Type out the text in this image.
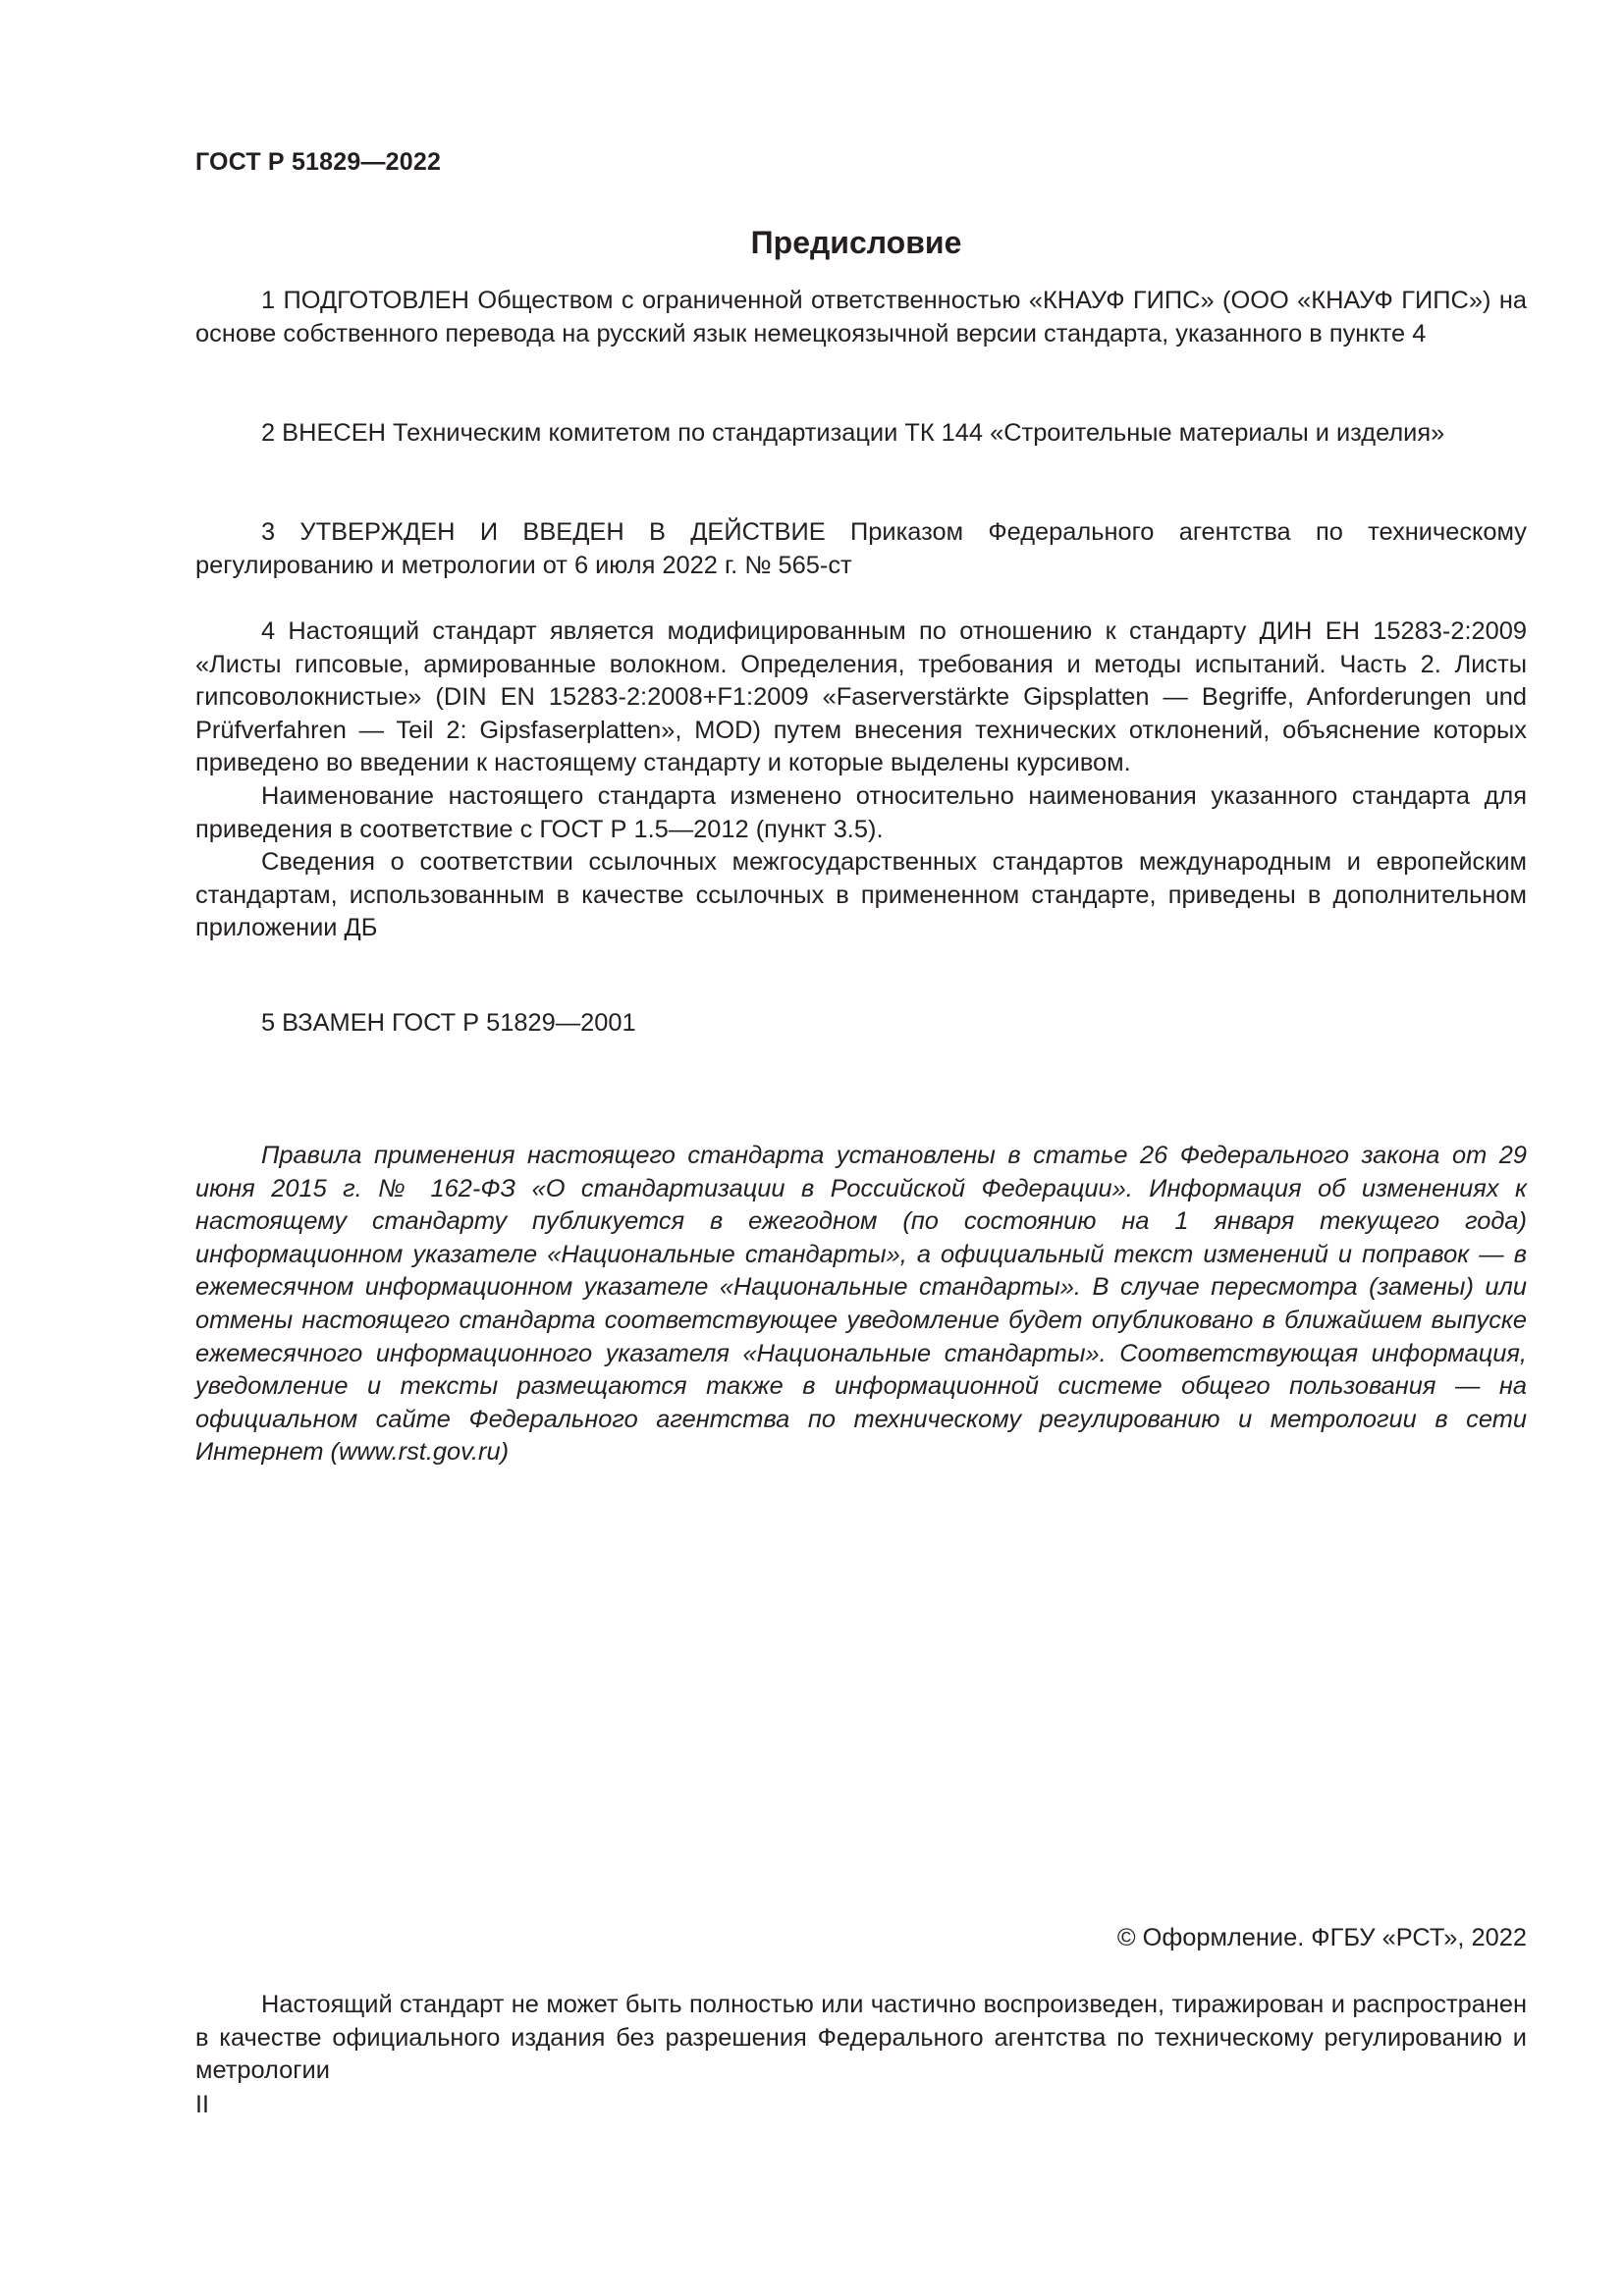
ГОСТ Р 51829—2022
Предисловие

1 ПОДГОТОВЛЕН Обществом с ограниченной ответственностью «КНАУФ ГИПС» (ООО «КНАУФ ГИПС») на основе собственного перевода на русский язык немецкоязычной версии стандарта, указанного в пункте 4

2 ВНЕСЕН Техническим комитетом по стандартизации ТК 144 «Строительные материалы и изделия»

3 УТВЕРЖДЕН И ВВЕДЕН В ДЕЙСТВИЕ Приказом Федерального агентства по техническому регулированию и метрологии от 6 июля 2022 г. № 565-ст

4 Настоящий стандарт является модифицированным по отношению к стандарту ДИН ЕН 15283-2:2009 «Листы гипсовые, армированные волокном. Определения, требования и методы испытаний. Часть 2. Листы гипсоволокнистые» (DIN EN 15283-2:2008+F1:2009 «Faserverstärkte Gipsplatten — Begriffe, Anforderungen und Prüfverfahren — Teil 2: Gipsfaserplatten», MOD) путем внесения технических отклонений, объяснение которых приведено во введении к настоящему стандарту и которые выделены курсивом.

Наименование настоящего стандарта изменено относительно наименования указанного стандарта для приведения в соответствие с ГОСТ Р 1.5—2012 (пункт 3.5).

Сведения о соответствии ссылочных межгосударственных стандартов международным и европейским стандартам, использованным в качестве ссылочных в примененном стандарте, приведены в дополнительном приложении ДБ

5 ВЗАМЕН ГОСТ Р 51829—2001

Правила применения настоящего стандарта установлены в статье 26 Федерального закона от 29 июня 2015 г. № 162-ФЗ «О стандартизации в Российской Федерации». Информация об изменениях к настоящему стандарту публикуется в ежегодном (по состоянию на 1 января текущего года) информационном указателе «Национальные стандарты», а официальный текст изменений и поправок — в ежемесячном информационном указателе «Национальные стандарты». В случае пересмотра (замены) или отмены настоящего стандарта соответствующее уведомление будет опубликовано в ближайшем выпуске ежемесячного информационного указателя «Национальные стандарты». Соответствующая информация, уведомление и тексты размещаются также в информационной системе общего пользования — на официальном сайте Федерального агентства по техническому регулированию и метрологии в сети Интернет (www.rst.gov.ru)

© Оформление. ФГБУ «РСТ», 2022

Настоящий стандарт не может быть полностью или частично воспроизведен, тиражирован и распространен в качестве официального издания без разрешения Федерального агентства по техническому регулированию и метрологии

II
